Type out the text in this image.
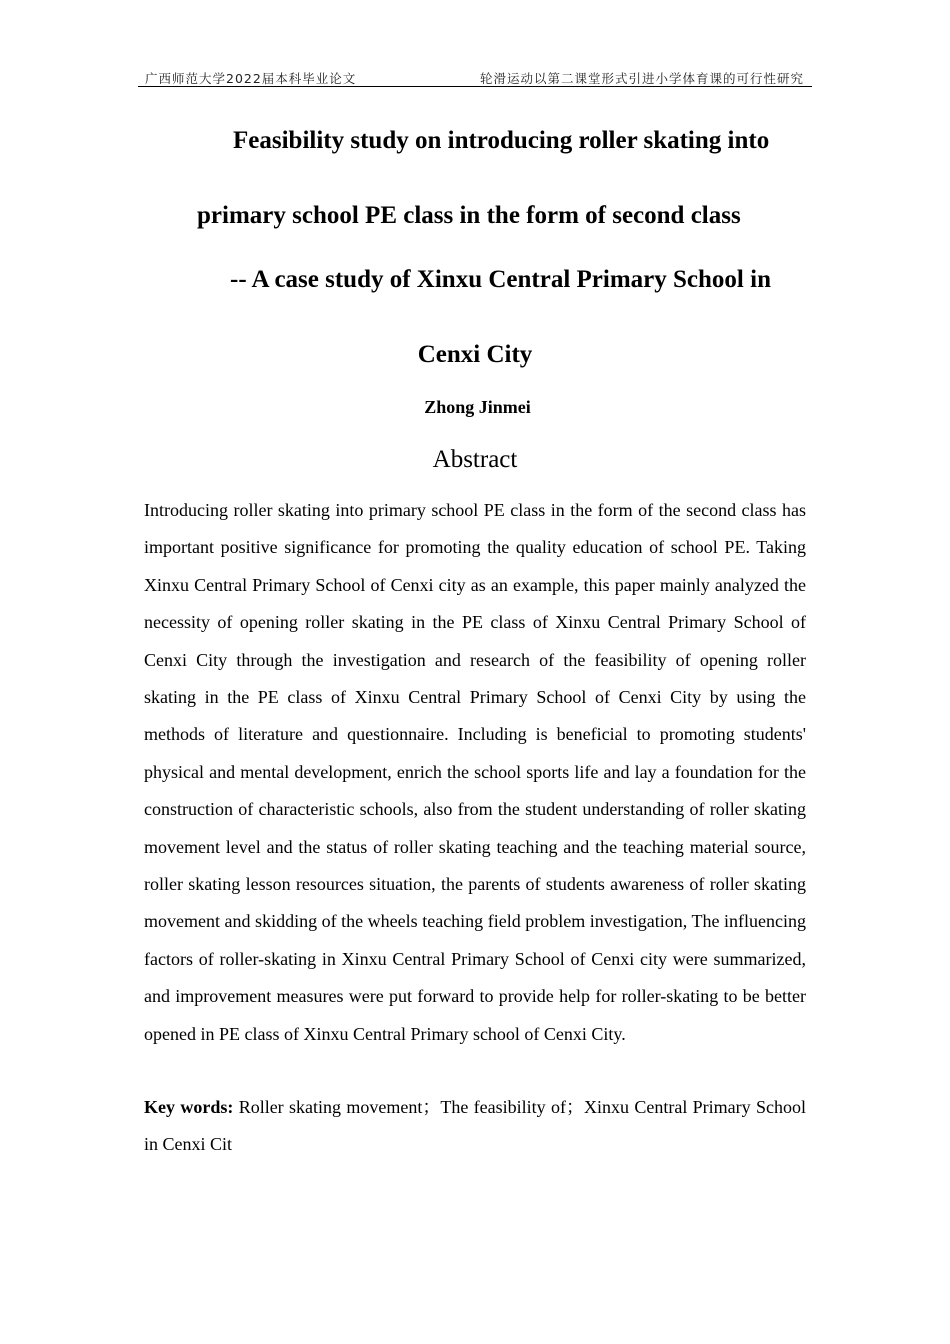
广西师范大学2022届本科毕业论文	轮滑运动以第二课堂形式引进小学体育课的可行性研究
Feasibility study on introducing roller skating into
primary school PE class in the form of second class
-- A case study of Xinxu Central Primary School in
Cenxi City
Zhong Jinmei
Abstract

Introducing roller skating into primary school PE class in the form of the second class has important positive significance for promoting the quality education of school PE. Taking Xinxu Central Primary School of Cenxi city as an example, this paper mainly analyzed the necessity of opening roller skating in the PE class of Xinxu Central Primary School of Cenxi City through the investigation and research of the feasibility of opening roller skating in the PE class of Xinxu Central Primary School of Cenxi City by using the methods of literature and questionnaire. Including is beneficial to promoting students' physical and mental development, enrich the school sports life and lay a foundation for the construction of characteristic schools, also from the student understanding of roller skating movement level and the status of roller skating teaching and the teaching material source, roller skating lesson resources situation, the parents of students awareness of roller skating movement and skidding of the wheels teaching field problem investigation, The influencing factors of roller-skating in Xinxu Central Primary School of Cenxi city were summarized, and improvement measures were put forward to provide help for roller-skating to be better opened in PE class of Xinxu Central Primary school of Cenxi City.

Key words: Roller skating movement；The feasibility of；Xinxu Central Primary School in Cenxi Cit
